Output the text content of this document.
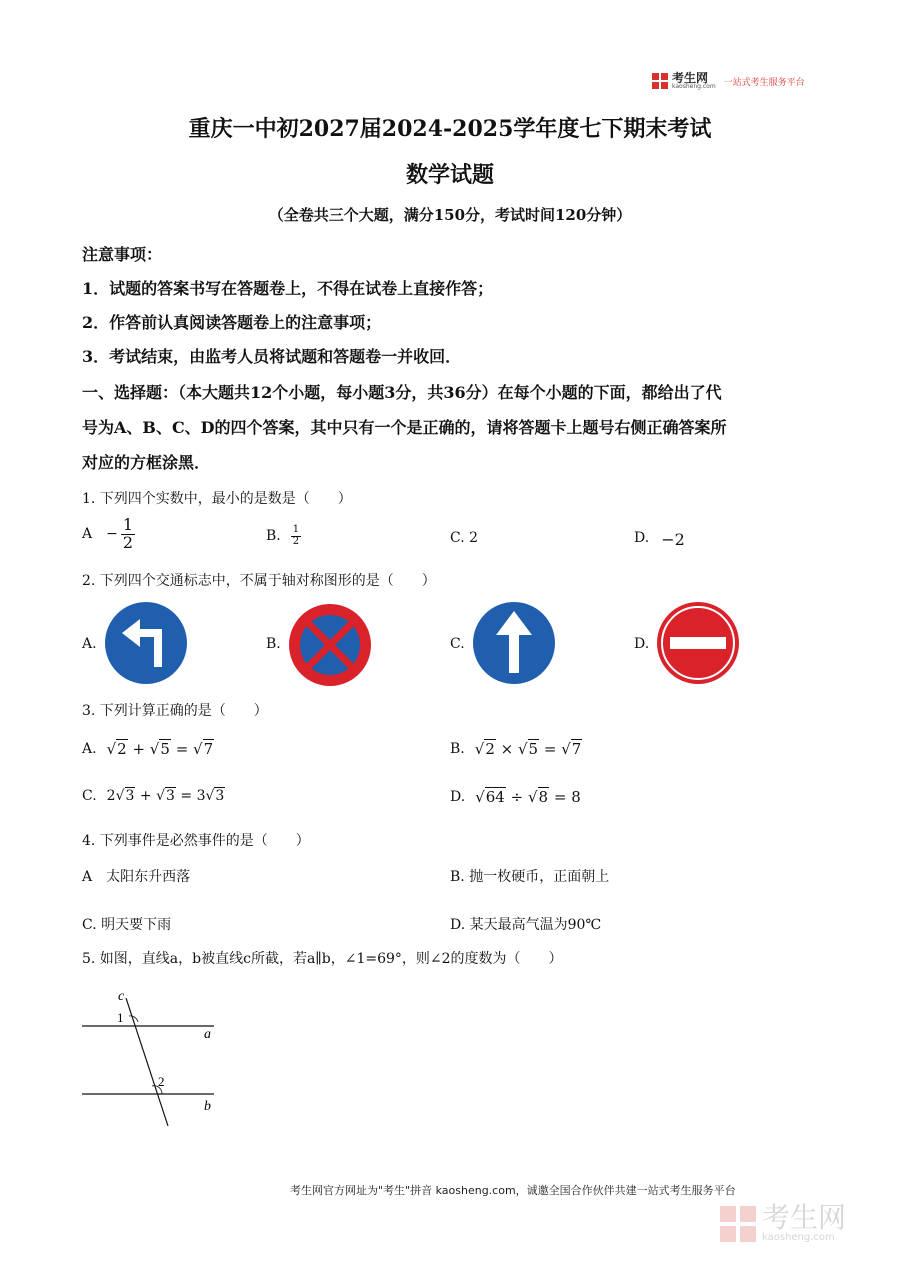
考生网
kaosheng.com 一站式考生服务平台
重庆一中初2027届2024-2025学年度七下期末考试
数学试题
（全卷共三个大题，满分150分，考试时间120分钟）
注意事项：
1．试题的答案书写在答题卷上，不得在试卷上直接作答；
2．作答前认真阅读答题卷上的注意事项；
3．考试结束，由监考人员将试题和答题卷一并收回．
一、选择题：（本大题共12个小题，每小题3分，共36分）在每个小题的下面，都给出了代
号为A、B、C、D的四个答案，其中只有一个是正确的，请将答题卡上题号右侧正确答案所
对应的方框涂黑．
1. 下列四个实数中，最小的是数是（　　）
$A - \frac{1}{2}$	B. $\frac{1}{2}$	C. 2	D. −2
2. 下列四个交通标志中，不属于轴对称图形的是（　　）
A.	B.	C.	D.
3. 下列计算正确的是（　　）
A. √2 + √5 = √7	B. √2 × √5 = √7
C. 2√3 + √3 = 3√3	D. √64 ÷ √8 = 8
4. 下列事件是必然事件的是（　　）
A　太阳东升西落	B. 抛一枚硬币，正面朝上
C. 明天要下雨	D. 某天最高气温为90℃
5. 如图，直线a，b被直线c所截，若a∥b，∠1=69°，则∠2的度数为（　　）
c
a
b
1
2
考生网官方网址为"考生"拼音 kaosheng.com，诚邀全国合作伙伴共建一站式考生服务平台
考生网
kaosheng.com
